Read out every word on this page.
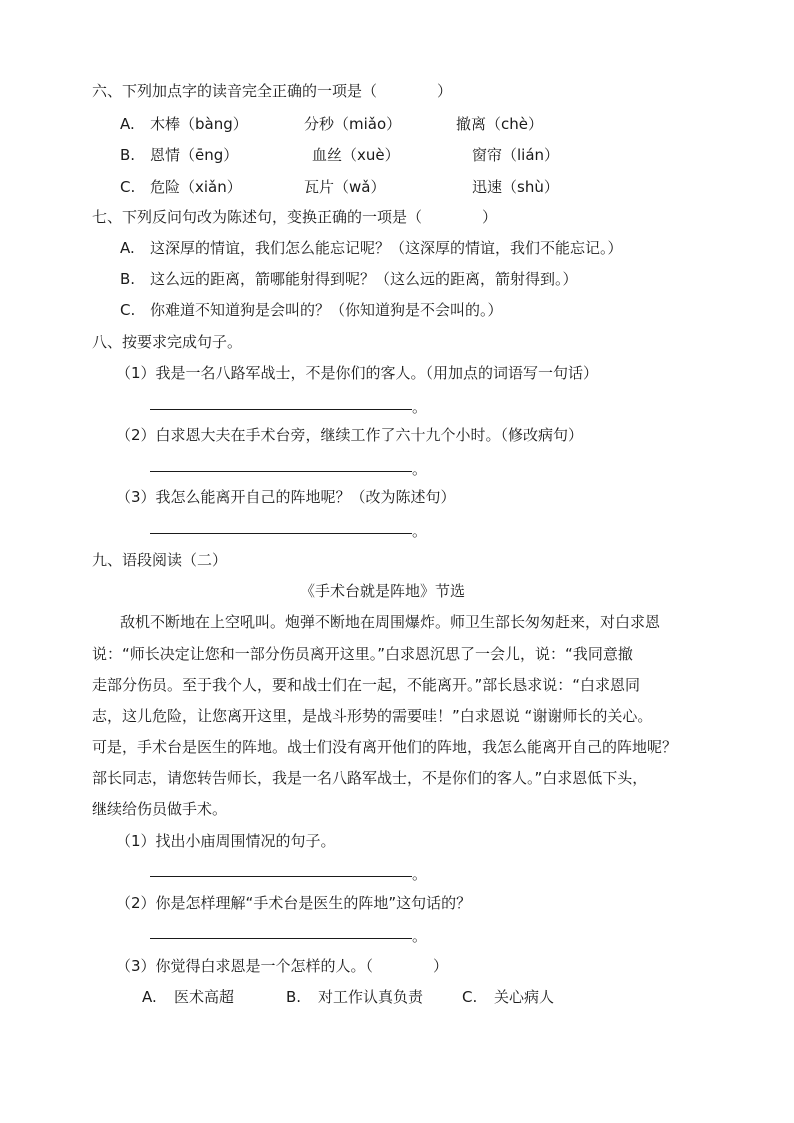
六、下列加点字的读音完全正确的一项是（　　　　）
A. 木棒（bàng）	分秒（miǎo）	撤离（chè）
B. 恩情（ēng）	血丝（xuè）	窗帘（lián）
C. 危险（xiǎn）	瓦片（wǎ）	迅速（shù）
七、下列反问句改为陈述句，变换正确的一项是（　　　　）
A. 这深厚的情谊，我们怎么能忘记呢？（这深厚的情谊，我们不能忘记。）
B. 这么远的距离，箭哪能射得到呢？（这么远的距离，箭射得到。）
C. 你难道不知道狗是会叫的？（你知道狗是不会叫的。）
八、按要求完成句子。
（1）我是一名八路军战士，不是你们的客人。（用加点的词语写一句话）
。
（2）白求恩大夫在手术台旁，继续工作了六十九个小时。（修改病句）
。
（3）我怎么能离开自己的阵地呢？（改为陈述句）
。
九、语段阅读（二）
《手术台就是阵地》节选
敌机不断地在上空吼叫。炮弹不断地在周围爆炸。师卫生部长匆匆赶来，对白求恩
说：“师长决定让您和一部分伤员离开这里。”白求恩沉思了一会儿，说：“我同意撤
走部分伤员。至于我个人，要和战士们在一起，不能离开。”部长恳求说：“白求恩同
志，这儿危险，让您离开这里，是战斗形势的需要哇！”白求恩说 “谢谢师长的关心。
可是，手术台是医生的阵地。战士们没有离开他们的阵地，我怎么能离开自己的阵地呢？
部长同志，请您转告师长，我是一名八路军战士，不是你们的客人。”白求恩低下头，
继续给伤员做手术。
（1）找出小庙周围情况的句子。
。
（2）你是怎样理解“手术台是医生的阵地”这句话的？
。
（3）你觉得白求恩是一个怎样的人。（　　　　）
A. 医术高超	B. 对工作认真负责	C. 关心病人
